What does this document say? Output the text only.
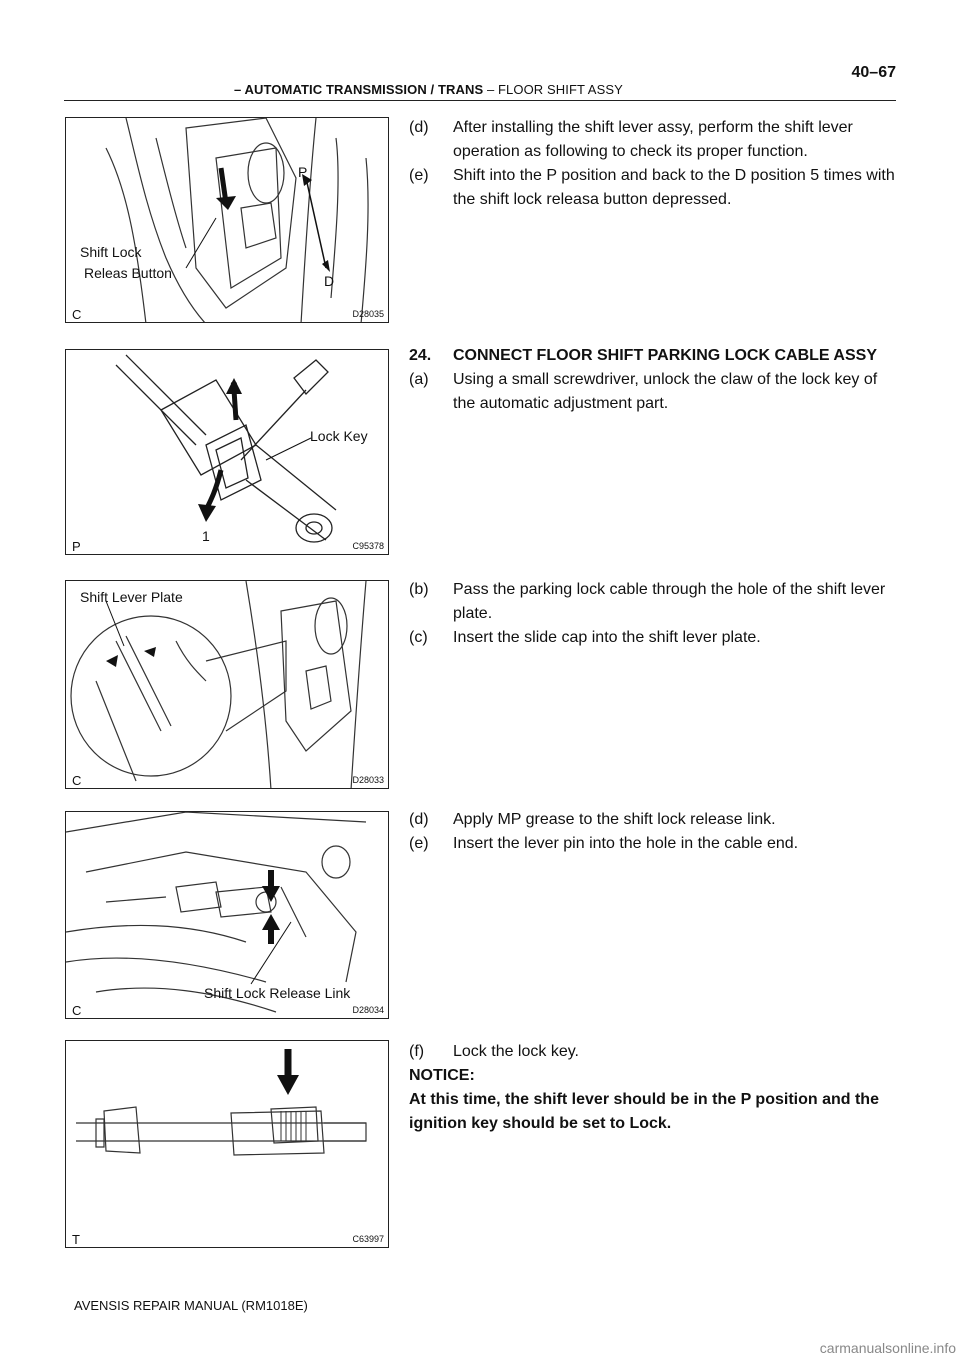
– AUTOMATIC TRANSMISSION / TRANS – FLOOR SHIFT ASSY
40–67
P
D
Shift Lock
Releas Button
C	D28035
2
Lock Key
1
P	C95378
Shift Lever Plate
C	D28033
Shift Lock Release Link
C	D28034
T	C63997
(d) After installing the shift lever assy, perform the shift lever operation as following to check its proper function.
(e) Shift into the P position and back to the D position 5 times with the shift lock releasa button depressed.
24. CONNECT FLOOR SHIFT PARKING LOCK CABLE ASSY
(a) Using a small screwdriver, unlock the claw of the lock key of the automatic adjustment part.
(b) Pass the parking lock cable through the hole of the shift lever plate.
(c) Insert the slide cap into the shift lever plate.
(d) Apply MP grease to the shift lock release link.
(e) Insert the lever pin into the hole in the cable end.
(f) Lock the lock key.
NOTICE:
At this time, the shift lever should be in the P position and the ignition key should be set to Lock.
AVENSIS REPAIR MANUAL (RM1018E)
carmanualsonline.info
